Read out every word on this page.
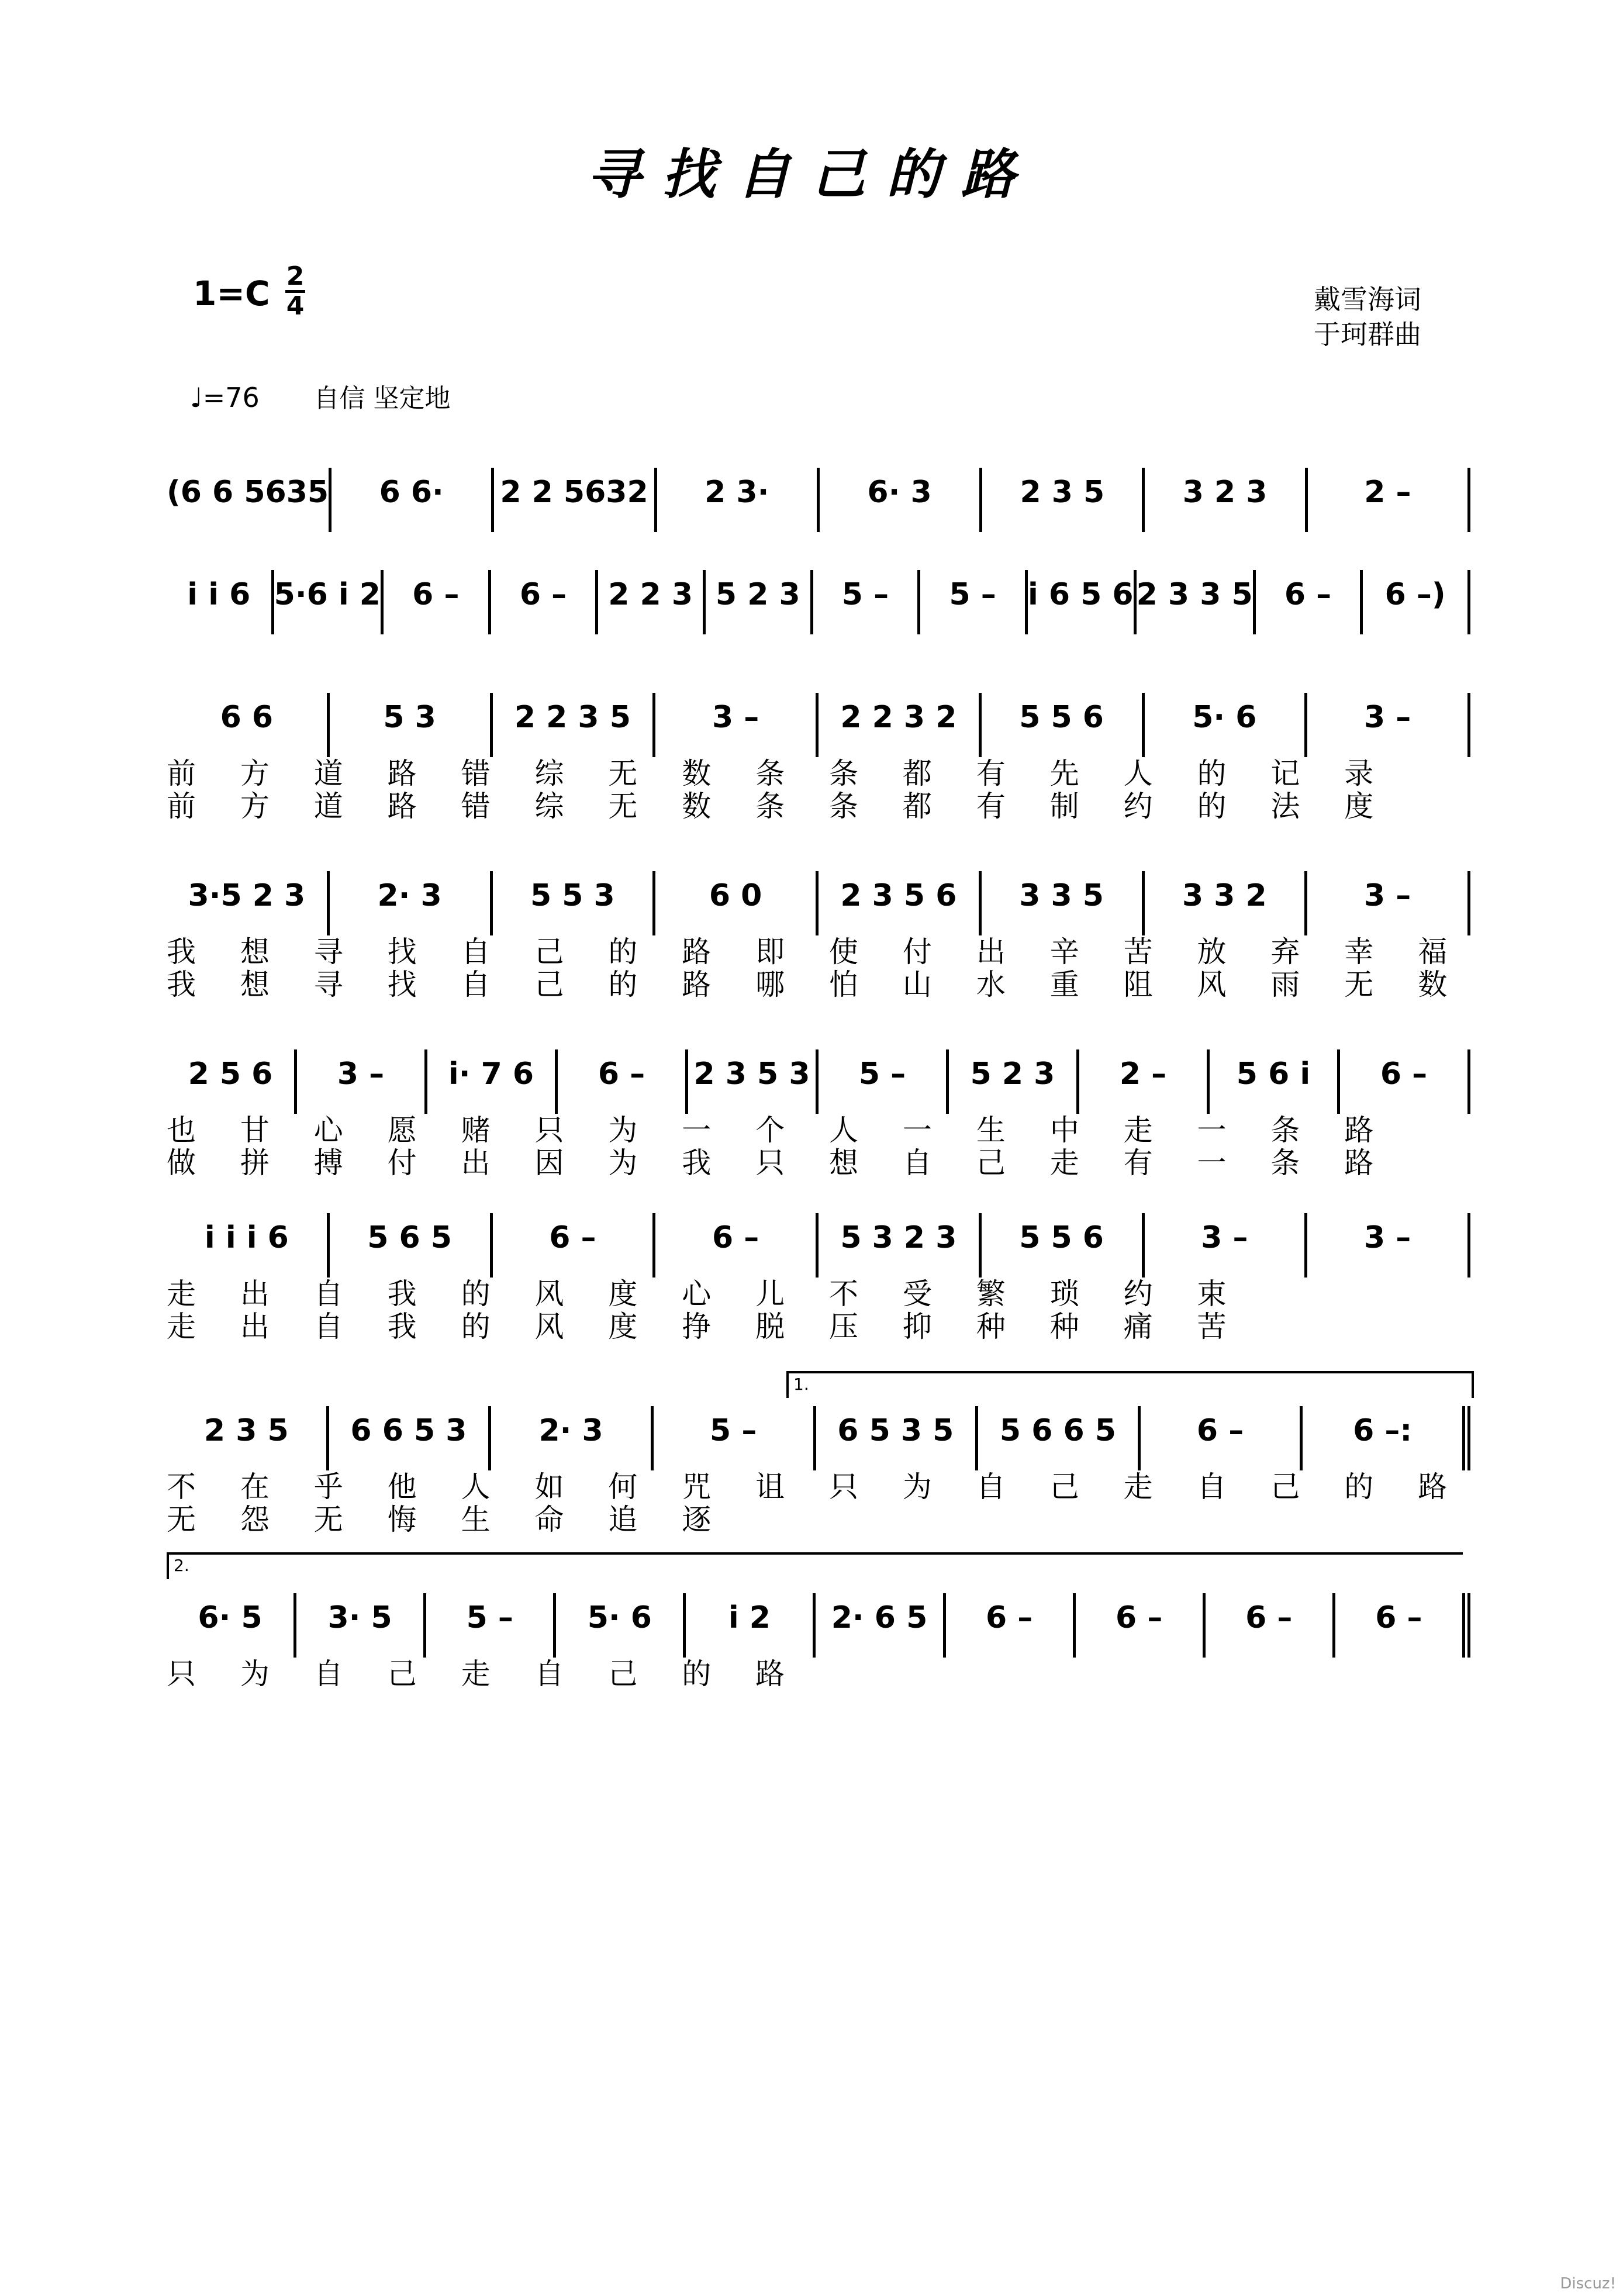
寻找自己的路
1=C 2
4	戴雪海词
于珂群曲
♩=76 自信 坚定地
(6 6 5635	6 6·	2 2 5632	2 3·	6· 3	2 3 5	3 2 3	2 –
i i 6 5·6 i 2	6 –	6 –	2 2 3 5 2 3	5 –	5 –	i 6 5 6 2 3 3 5	6 –	6 –)
6 6	5 3	2 2 3 5	3 –	2 2 3 2	5 5 6	5· 6	3 –
前 方 道 路 错 综 无 数 条 条 都 有 先 人 的 记 录
前 方 道 路 错 综 无 数 条 条 都 有 制 约 的 法 度
3·5 2 3	2· 3	5 5 3	6 0	2 3 5 6	3 3 5	3 3 2	3 –
我 想 寻 找 自 己 的 路 即 使 付 出 辛 苦 放 弃 幸 福
我 想 寻 找 自 己 的 路 哪 怕 山 水 重 阻 风 雨 无 数
2 5 6	3 –	i· 7 6	6 –	2 3 5 3	5 –	5 2 3	2 –	5 6 i	6 –
也 甘 心 愿 赌 只 为 一 个 人 一 生 中 走 一 条 路
做 拼 搏 付 出 因 为 我 只 想 自 己 走 有 一 条 路
i i i 6	5 6 5	6 –	6 –	5 3 2 3	5 5 6	3 –	3 –
走 出 自 我 的 风 度 心 儿 不 受 繁 琐 约 束
走 出 自 我 的 风 度 挣 脱 压 抑 种 种 痛 苦
1.
2 3 5	6 6 5 3	2· 3	5 –	6 5 3 5	5 6 6 5	6 –	6 –:
不 在 乎 他 人 如 何 咒 诅 只 为 自 己 走 自 己 的 路
无 怨 无 悔 生 命 追 逐
2.
6· 5	3· 5	5 –	5· 6	i 2	2· 6 5	6 –	6 –	6 –	6 –
只 为 自 己 走 自 己 的 路
Discuz!
